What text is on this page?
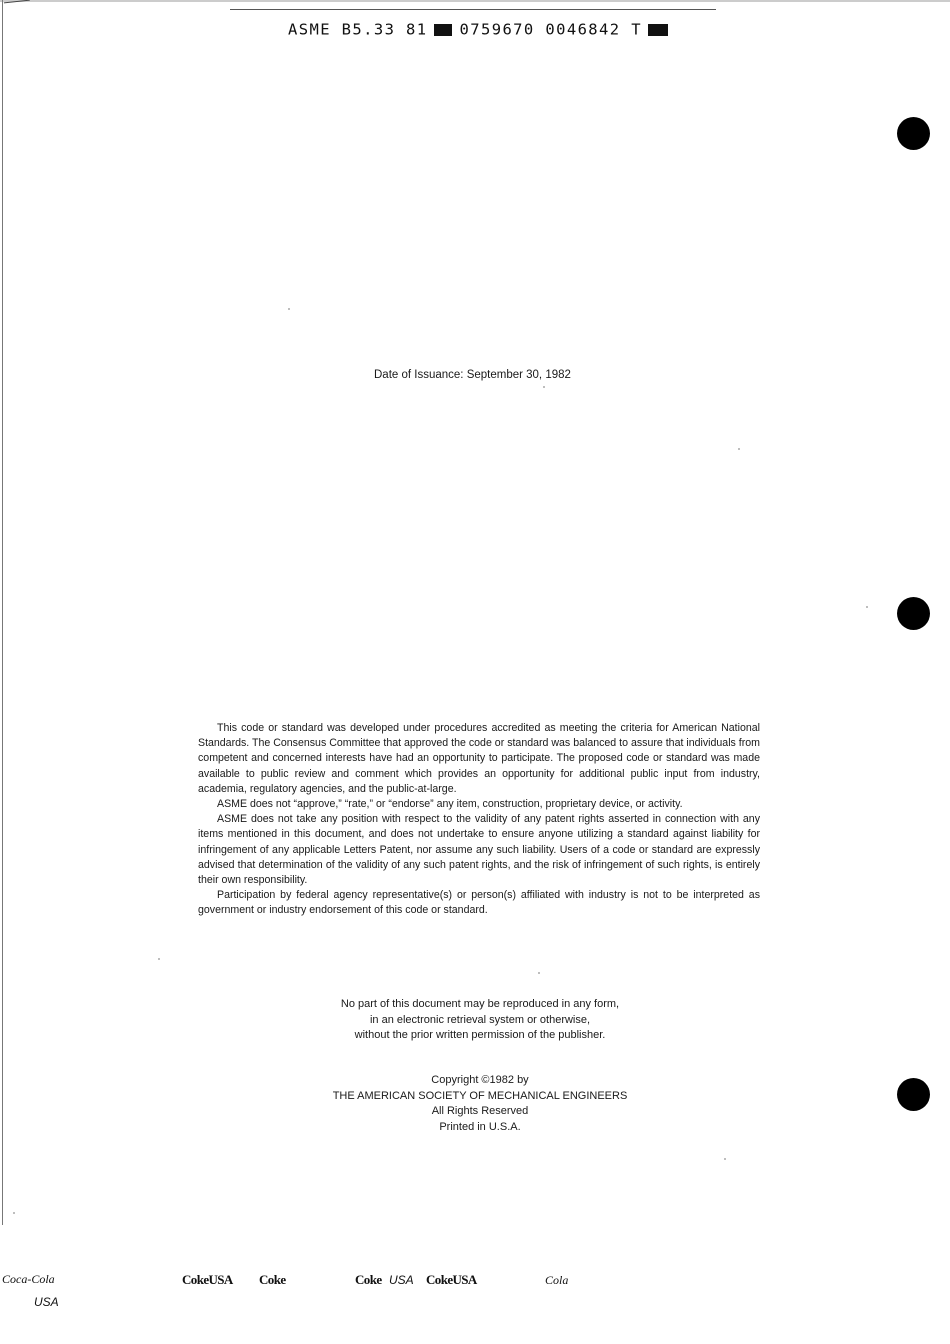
ASME B5.33 81 0759670 0046842 T
Date of Issuance: September 30, 1982

This code or standard was developed under procedures accredited as meeting the criteria for American National Standards. The Consensus Committee that approved the code or standard was balanced to assure that individuals from competent and concerned interests have had an opportunity to participate. The proposed code or standard was made available to public review and comment which provides an opportunity for additional public input from industry, academia, regulatory agencies, and the public-at-large.

ASME does not “approve,” “rate,” or “endorse” any item, construction, proprietary device, or activity.

ASME does not take any position with respect to the validity of any patent rights asserted in connection with any items mentioned in this document, and does not undertake to ensure anyone utilizing a standard against liability for infringement of any applicable Letters Patent, nor assume any such liability. Users of a code or standard are expressly advised that determination of the validity of any such patent rights, and the risk of infringement of such rights, is entirely their own responsibility.

Participation by federal agency representative(s) or person(s) affiliated with industry is not to be interpreted as government or industry endorsement of this code or standard.

No part of this document may be reproduced in any form,
in an electronic retrieval system or otherwise,
without the prior written permission of the publisher.
Copyright ©1982 by
THE AMERICAN SOCIETY OF MECHANICAL ENGINEERS
All Rights Reserved
Printed in U.S.A.
Coca-Cola
USA
CokeUSA Coke	Coke USA CokeUSA	Cola
